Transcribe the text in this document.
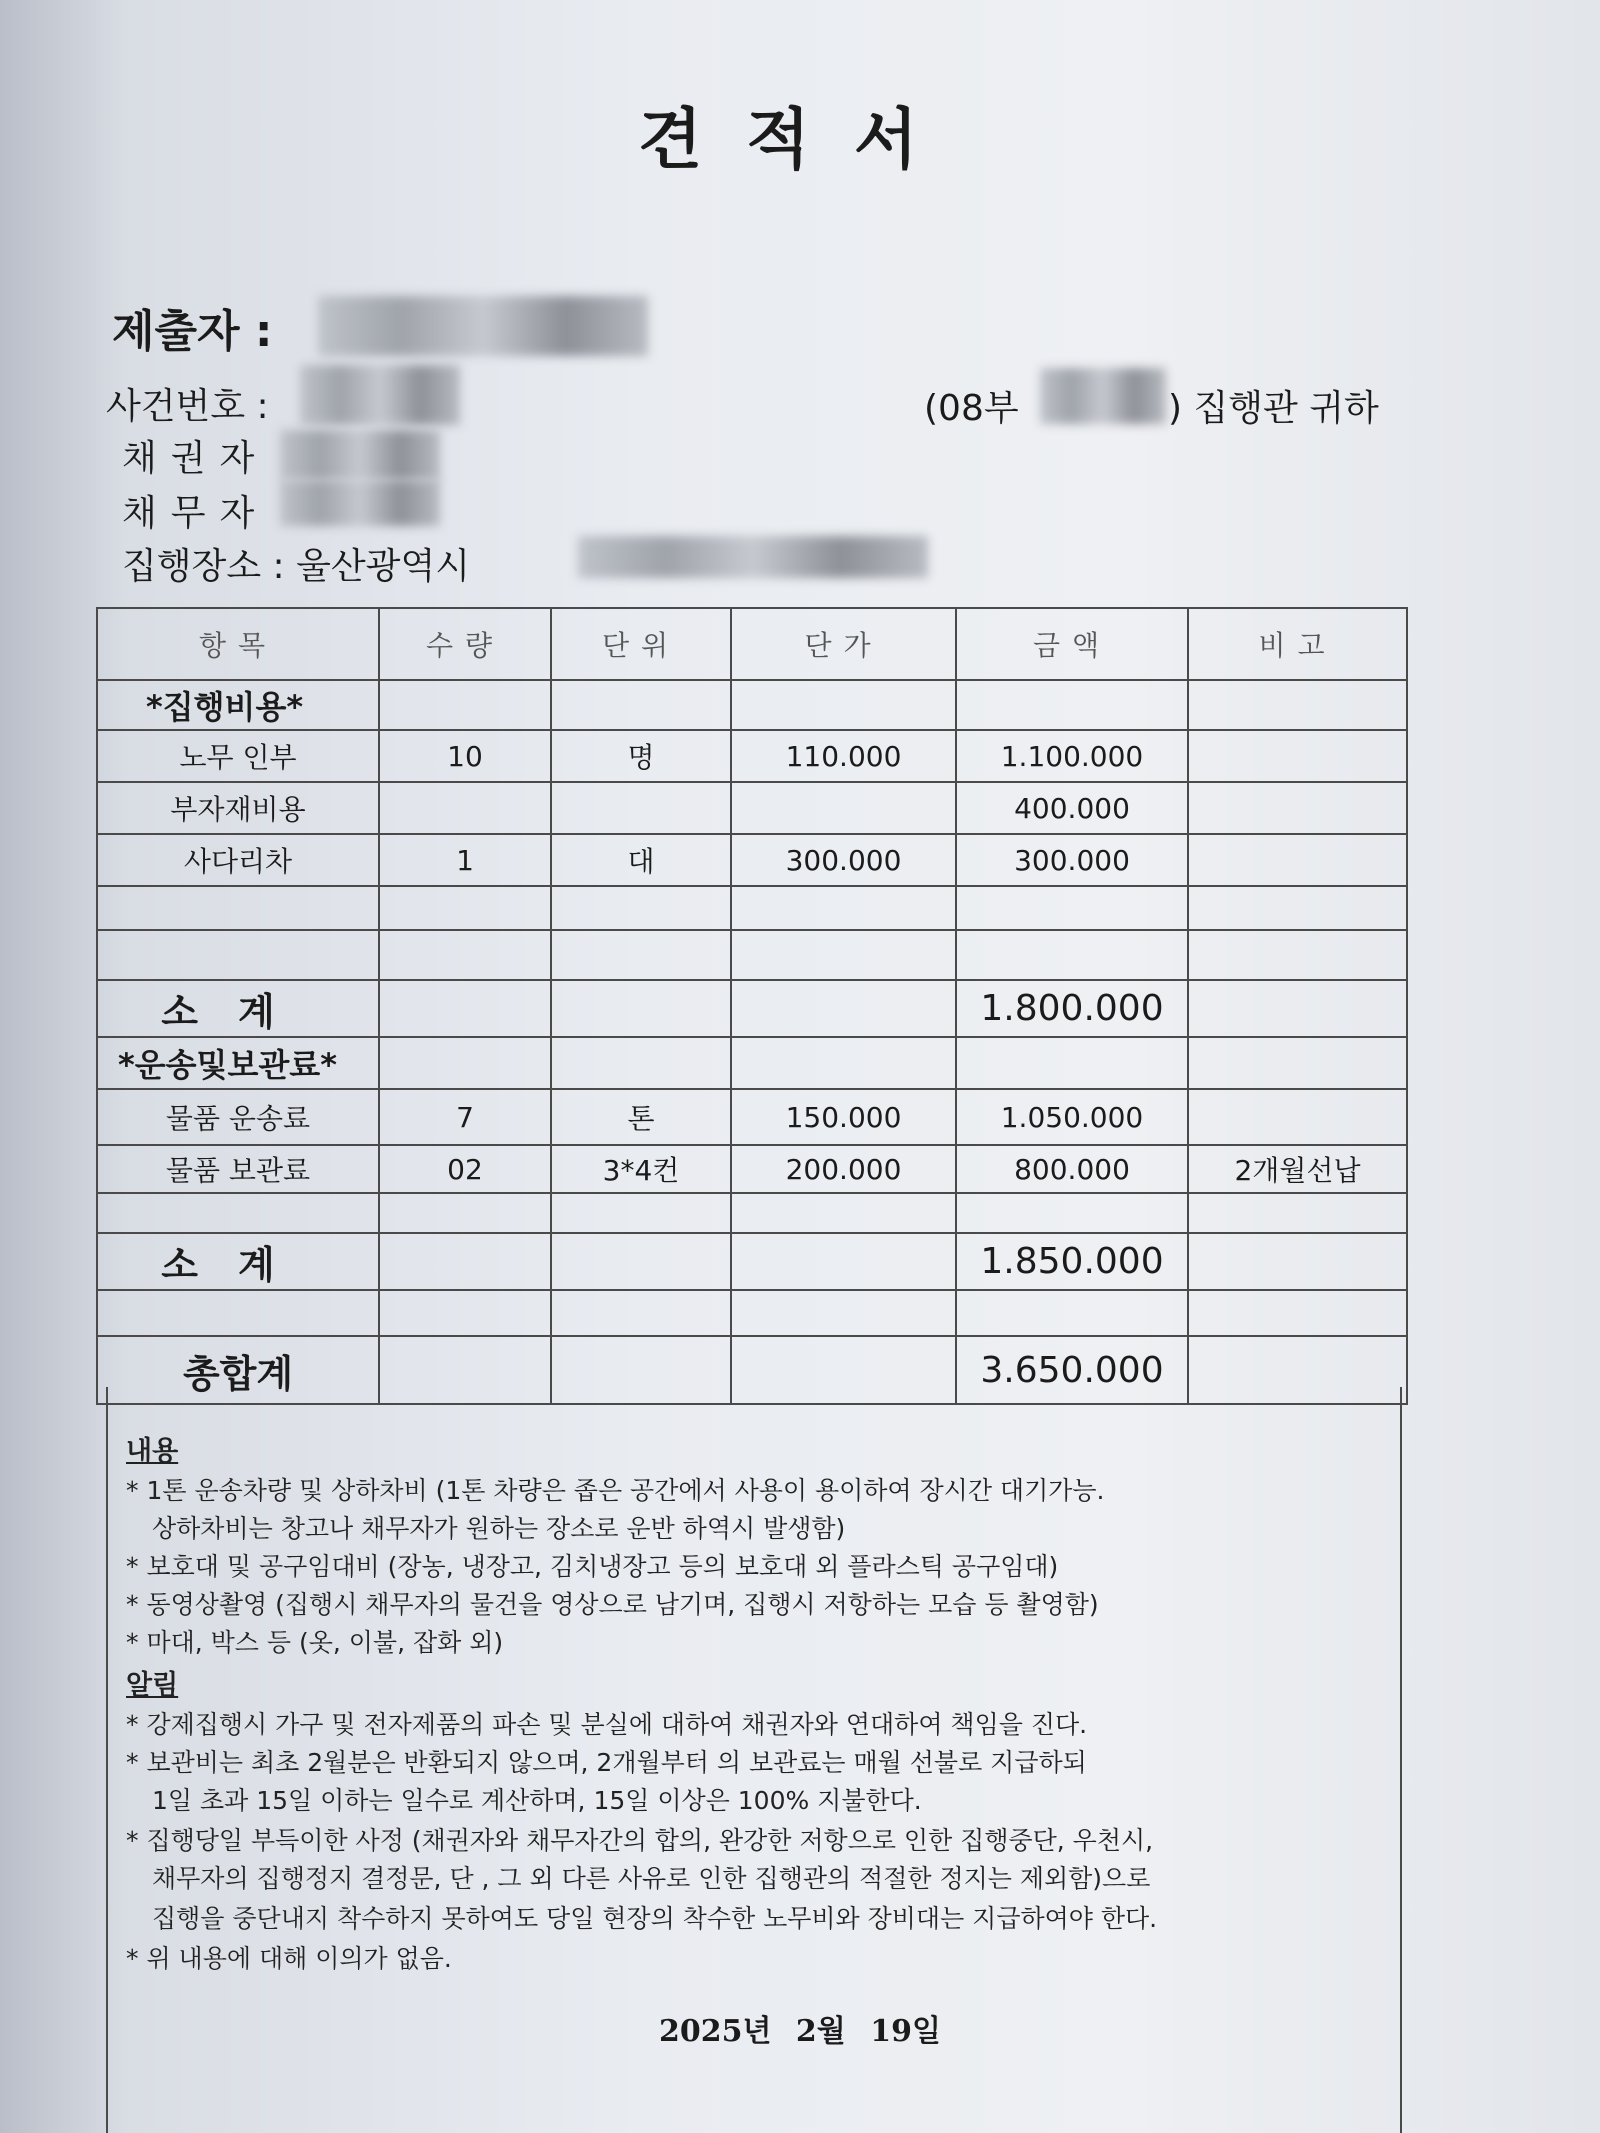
견적서
제출자 :
사건번호 :	(08부	) 집행관 귀하
채권자
채무자
집행장소 : 울산광역시
항목	수량	단위	단가	금액	비고
*집행비용*					
노무 인부	10	명	110.000	1.100.000	
부자재비용				400.000	
사다리차	1	대	300.000	300.000	

소계				1.800.000	
*운송및보관료*					
물품 운송료	7	톤	150.000	1.050.000	
물품 보관료	02	3*4컨	200.000	800.000	2개월선납

소계				1.850.000	

총합계				3.650.000	
내용
* 1톤 운송차량 및 상하차비 (1톤 차량은 좁은 공간에서 사용이 용이하여 장시간 대기가능.
상하차비는 창고나 채무자가 원하는 장소로 운반 하역시 발생함)
* 보호대 및 공구임대비 (장농, 냉장고, 김치냉장고 등의 보호대 외 플라스틱 공구임대)
* 동영상촬영 (집행시 채무자의 물건을 영상으로 남기며, 집행시 저항하는 모습 등 촬영함)
* 마대, 박스 등 (옷, 이불, 잡화 외)
알림
* 강제집행시 가구 및 전자제품의 파손 및 분실에 대하여 채권자와 연대하여 책임을 진다.
* 보관비는 최초 2월분은 반환되지 않으며, 2개월부터 의 보관료는 매월 선불로 지급하되
1일 초과 15일 이하는 일수로 계산하며, 15일 이상은 100% 지불한다.
* 집행당일 부득이한 사정 (채권자와 채무자간의 합의, 완강한 저항으로 인한 집행중단, 우천시,
채무자의 집행정지 결정문, 단 , 그 외 다른 사유로 인한 집행관의 적절한 정지는 제외함)으로
집행을 중단내지 착수하지 못하여도 당일 현장의 착수한 노무비와 장비대는 지급하여야 한다.
* 위 내용에 대해 이의가 없음.
2025년 2월 19일
